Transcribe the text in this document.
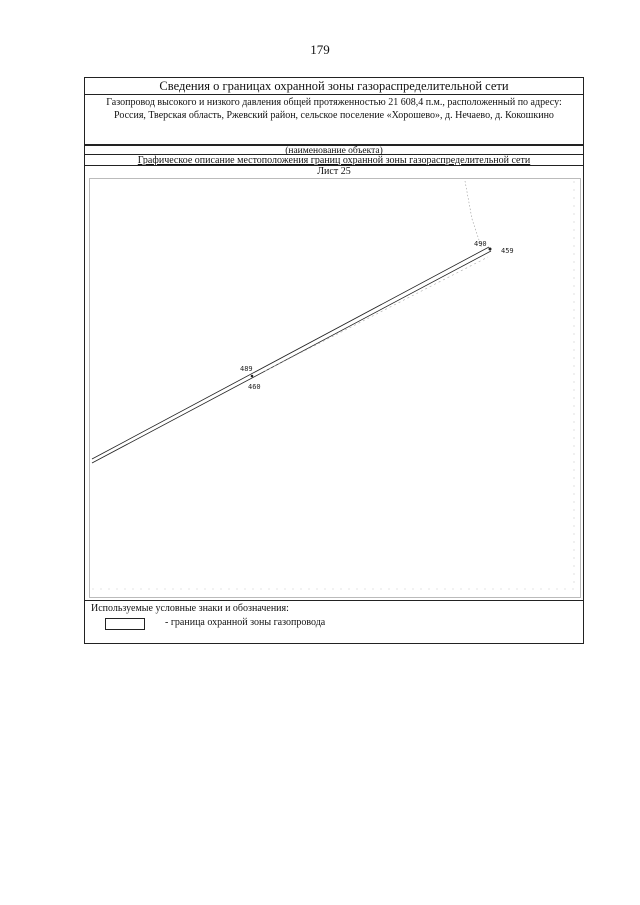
179
Сведения о границах охранной зоны газораспределительной сети
Газопровод высокого и низкого давления общей протяженностью 21 608,4 п.м., расположенный по адресу: Россия, Тверская область, Ржевский район, сельское поселение «Хорошево», д. Нечаево, д. Кокошкино
(наименование объекта)
Графическое описание местоположения границ охранной зоны газораспределительной сети
Лист 25
490
459
489
460
Используемые условные знаки и обозначения:
- граница охранной зоны газопровода
